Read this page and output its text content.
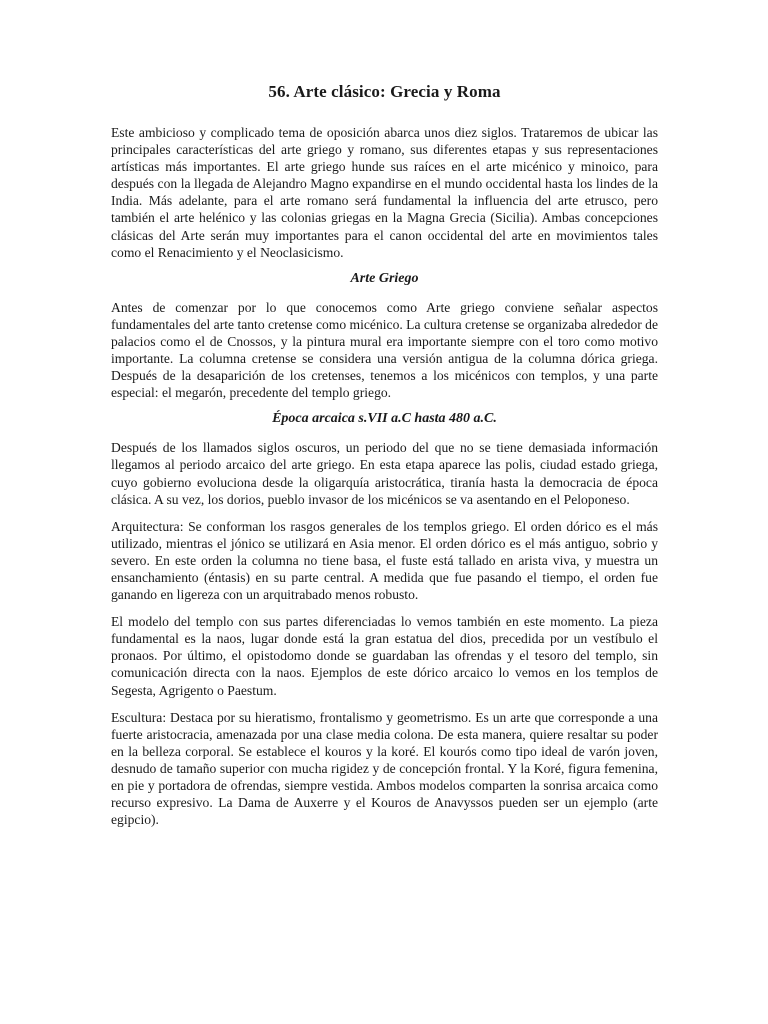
56. Arte clásico: Grecia y Roma

Este ambicioso y complicado tema de oposición abarca unos diez siglos. Trataremos de ubicar las principales características del arte griego y romano, sus diferentes etapas y sus representaciones artísticas más importantes. El arte griego hunde sus raíces en el arte micénico y minoico, para después con la llegada de Alejandro Magno expandirse en el mundo occidental hasta los lindes de la India. Más adelante, para el arte romano será fundamental la influencia del arte etrusco, pero también el arte helénico y las colonias griegas en la Magna Grecia (Sicilia). Ambas concepciones clásicas del Arte serán muy importantes para el canon occidental del arte en movimientos tales como el Renacimiento y el Neoclasicismo.

Arte Griego

Antes de comenzar por lo que conocemos como Arte griego conviene señalar aspectos fundamentales del arte tanto cretense como micénico. La cultura cretense se organizaba alrededor de palacios como el de Cnossos, y la pintura mural era importante siempre con el toro como motivo importante. La columna cretense se considera una versión antigua de la columna dórica griega. Después de la desaparición de los cretenses, tenemos a los micénicos con templos, y una parte especial: el megarón, precedente del templo griego.

Época arcaica s.VII a.C hasta 480 a.C.

Después de los llamados siglos oscuros, un periodo del que no se tiene demasiada información llegamos al periodo arcaico del arte griego. En esta etapa aparece las polis, ciudad estado griega, cuyo gobierno evoluciona desde la oligarquía aristocrática, tiranía hasta la democracia de época clásica. A su vez, los dorios, pueblo invasor de los micénicos se va asentando en el Peloponeso.

Arquitectura: Se conforman los rasgos generales de los templos griego. El orden dórico es el más utilizado, mientras el jónico se utilizará en Asia menor. El orden dórico es el más antiguo, sobrio y severo. En este orden la columna no tiene basa, el fuste está tallado en arista viva, y muestra un ensanchamiento (éntasis) en su parte central. A medida que fue pasando el tiempo, el orden fue ganando en ligereza con un arquitrabado menos robusto.

El modelo del templo con sus partes diferenciadas lo vemos también en este momento. La pieza fundamental es la naos, lugar donde está la gran estatua del dios, precedida por un vestíbulo el pronaos. Por último, el opistodomo donde se guardaban las ofrendas y el tesoro del templo, sin comunicación directa con la naos. Ejemplos de este dórico arcaico lo vemos en los templos de Segesta, Agrigento o Paestum.

Escultura: Destaca por su hieratismo, frontalismo y geometrismo. Es un arte que corresponde a una fuerte aristocracia, amenazada por una clase media colona. De esta manera, quiere resaltar su poder en la belleza corporal. Se establece el kouros y la koré. El kourós como tipo ideal de varón joven, desnudo de tamaño superior con mucha rigidez y de concepción frontal. Y la Koré, figura femenina, en pie y portadora de ofrendas, siempre vestida. Ambos modelos comparten la sonrisa arcaica como recurso expresivo. La Dama de Auxerre y el Kouros de Anavyssos pueden ser un ejemplo (arte egipcio).
